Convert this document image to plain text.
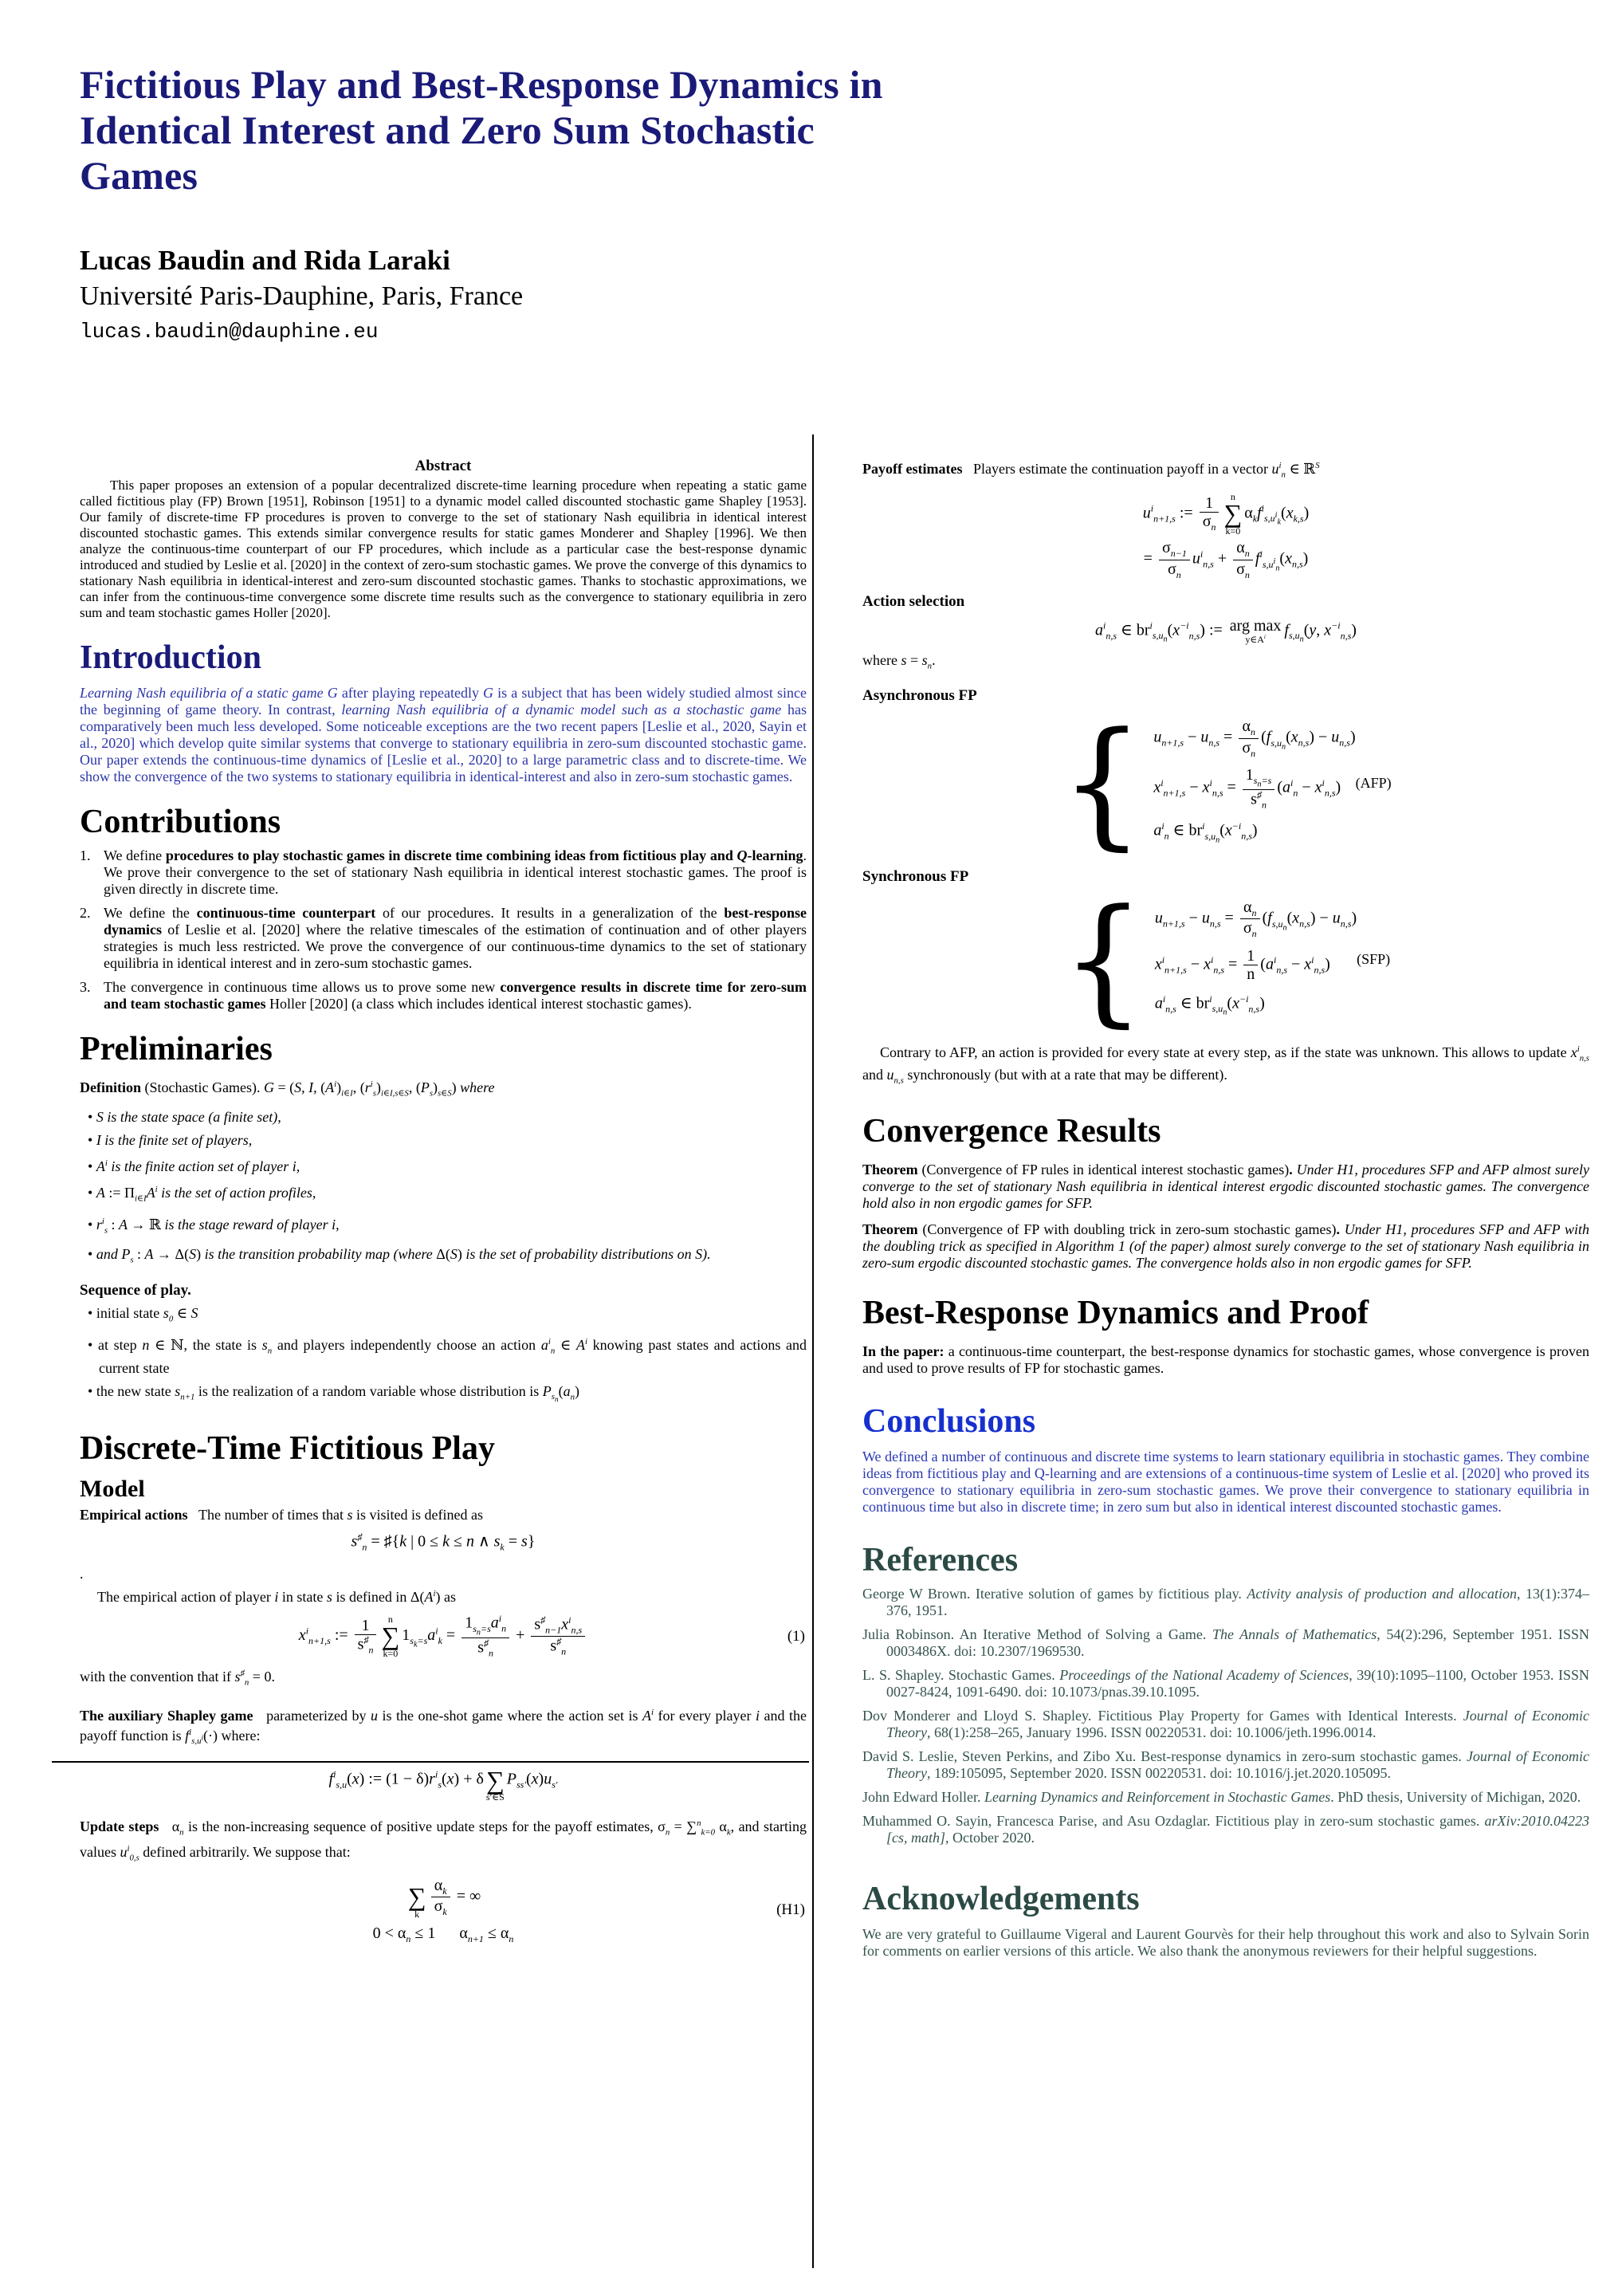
Fictitious Play and Best-Response Dynamics in
Identical Interest and Zero Sum Stochastic Games
Lucas Baudin and Rida Laraki
Université Paris-Dauphine, Paris, France
lucas.baudin@dauphine.eu
Abstract
This paper proposes an extension of a popular decentralized discrete-time learning procedure when repeating a static game called fictitious play (FP) Brown [1951], Robinson [1951] to a dynamic model called discounted stochastic game Shapley [1953]. Our family of discrete-time FP procedures is proven to converge to the set of stationary Nash equilibria in identical interest discounted stochastic games. This extends similar convergence results for static games Monderer and Shapley [1996]. We then analyze the continuous-time counterpart of our FP procedures, which include as a particular case the best-response dynamic introduced and studied by Leslie et al. [2020] in the context of zero-sum stochastic games. We prove the converge of this dynamics to stationary Nash equilibria in identical-interest and zero-sum discounted stochastic games. Thanks to stochastic approximations, we can infer from the continuous-time convergence some discrete time results such as the convergence to stationary equilibria in zero sum and team stochastic games Holler [2020].
Introduction
Learning Nash equilibria of a static game G after playing repeatedly G is a subject that has been widely studied almost since the beginning of game theory. In contrast, learning Nash equilibria of a dynamic model such as a stochastic game has comparatively been much less developed. Some noticeable exceptions are the two recent papers [Leslie et al., 2020, Sayin et al., 2020] which develop quite similar systems that converge to stationary equilibria in zero-sum discounted stochastic game. Our paper extends the continuous-time dynamics of [Leslie et al., 2020] to a large parametric class and to discrete-time. We show the convergence of the two systems to stationary equilibria in identical-interest and also in zero-sum stochastic games.
Contributions
1. We define procedures to play stochastic games in discrete time combining ideas from fictitious play and Q-learning. We prove their convergence to the set of stationary Nash equilibria in identical interest stochastic games. The proof is given directly in discrete time.
2. We define the continuous-time counterpart of our procedures. It results in a generalization of the best-response dynamics of Leslie et al. [2020] where the relative timescales of the estimation of continuation and of other players strategies is much less restricted. We prove the convergence of our continuous-time dynamics to the set of stationary equilibria in identical interest and in zero-sum stochastic games.
3. The convergence in continuous time allows us to prove some new convergence results in discrete time for zero-sum and team stochastic games Holler [2020] (a class which includes identical interest stochastic games).
Preliminaries
Definition (Stochastic Games). G = (S, I, $(A^i)_{i\in I}$, $(r^i_s)_{i\in I,s\in S}$, $(P_s)_{s\in S}$) where
• S is the state space (a finite set),
• I is the finite set of players,
• $A^i$ is the finite action set of player i,
• A := $\Pi_{i\in I}A^i$ is the set of action profiles,
• $r^i_s$ : A → ℝ is the stage reward of player i,
• and $P_s$ : A → Δ(S) is the transition probability map (where Δ(S) is the set of probability distributions on S).
Sequence of play.
• initial state $s_0$ ∈ S
• at step n ∈ ℕ, the state is $s_n$ and players independently choose an action $a^i_n$ ∈ $A^i$ knowing past states and actions and current state
• the new state $s_{n+1}$ is the realization of a random variable whose distribution is $P_{s_n}(a_n)$
Discrete-Time Fictitious Play
Model
Empirical actions   The number of times that s is visited is defined as
$s^♯_n$ = ♯{k | 0 ≤ k ≤ n ∧ $s_k = s$}
.
The empirical action of player i in state s is defined in $\Delta(A^i)$ as
$x^i_{n+1,s}$ := $\frac{1}{s^♯_n}$	n
∑
k=0
$1_{s_k=s}a^i_k = \frac{1_{s_n=s}a^i_n}{s^♯_n} + \frac{s^♯_{n-1}x^i_{n,s}}{s^♯_n}$	(1)
with the convention that if $s^♯_n = 0$.
The auxiliary Shapley game   parameterized by u is the one-shot game where the action set is $A^i$ for every player i and the payoff function is $f^i_{s,u^i}(\cdot)$ where:
$f^i_{s,u}(x)$ := $(1 - \delta)r^i_s(x) + \delta$
∑
s′∈S
$P_{ss'}(x)u_{s'}$
Update steps   $\alpha_n$ is the non-increasing sequence of positive update steps for the payoff estimates, $\sigma_n = \sum^n_{k=0}$ $\alpha_k$, and starting values $u^i_{0,s}$ defined arbitrarily. We suppose that:

∑
k $\frac{\alpha_k}{\sigma_k}$ = ∞
$0 < \alpha_n \le 1$      $\alpha_{n+1} \le \alpha_n$
(H1)
Payoff estimates   Players estimate the continuation payoff in a vector $u^i_n$ ∈ ℝ$^S$
$u^i_{n+1,s}$ := $\frac{1}{\sigma_n}$	n
∑
k=0
$\alpha_kf^i_{s,u^i_k}(x_{k,s})$
= $\frac{\sigma_{n-1}}{\sigma_n} u^i_{n,s} + \frac{\alpha_n}{\sigma_n} f^i_{s,u^i_n}(x_{n,s})$
Action selection
$a^i_{n,s}$ ∈ $br^i_{s,u_n}(x^{-i}_{n,s})$ := arg max
$y\in A^i$	$f_{s,u_n}(y$, $x^{-i}_{n,s}$)
where $s = s_n$.
Asynchronous FP
{ $u_{n+1,s} - u_{n,s} = \frac{\alpha_n}{\sigma_n} (f_{s,u_n}(x_{n,s}) - u_{n,s})$
$x^i_{n+1,s} - x^i_{n,s} = \frac{1_{s_n=s}}{s^♯_n} (a^i_n - x^i_{n,s})$
$a^i_n$ ∈ $br^i_{s,u_n}(x^{-i}_{n,s})$
(AFP)
Synchronous FP
{ $u_{n+1,s} - u_{n,s} = \frac{\alpha_n}{\sigma_n} (f_{s,u_n}(x_{n,s}) - u_{n,s})$
$x^i_{n+1,s} - x^i_{n,s} = \frac{1}{n} (a^i_{n,s} - x^i_{n,s})$
$a^i_{n,s}$ ∈ $br^i_{s,u_n}(x^{-i}_{n,s})$
(SFP)
Contrary to AFP, an action is provided for every state at every step, as if the state was unknown. This allows to update $x^i_{n,s}$ and $u_{n,s}$ synchronously (but with at a rate that may be different).
Convergence Results
Theorem (Convergence of FP rules in identical interest stochastic games). Under H1, procedures SFP and AFP almost surely converge to the set of stationary Nash equilibria in identical interest ergodic discounted stochastic games. The convergence hold also in non ergodic games for SFP.
Theorem (Convergence of FP with doubling trick in zero-sum stochastic games). Under H1, procedures SFP and AFP with the doubling trick as specified in Algorithm 1 (of the paper) almost surely converge to the set of stationary Nash equilibria in zero-sum ergodic discounted stochastic games. The convergence holds also in non ergodic games for SFP.
Best-Response Dynamics and Proof
In the paper: a continuous-time counterpart, the best-response dynamics for stochastic games, whose convergence is proven and used to prove results of FP for stochastic games.
Conclusions
We defined a number of continuous and discrete time systems to learn stationary equilibria in stochastic games. They combine ideas from fictitious play and Q-learning and are extensions of a continuous-time system of Leslie et al. [2020] who proved its convergence to stationary equilibria in zero-sum stochastic games. We prove their convergence to stationary equilibria in continuous time but also in discrete time; in zero sum but also in identical interest discounted stochastic games.
References
George W Brown. Iterative solution of games by fictitious play. Activity analysis of production and allocation, 13(1):374–376, 1951.
Julia Robinson. An Iterative Method of Solving a Game. The Annals of Mathematics, 54(2):296, September 1951. ISSN 0003486X. doi: 10.2307/1969530.
L. S. Shapley. Stochastic Games. Proceedings of the National Academy of Sciences, 39(10):1095–1100, October 1953. ISSN 0027-8424, 1091-6490. doi: 10.1073/pnas.39.10.1095.
Dov Monderer and Lloyd S. Shapley. Fictitious Play Property for Games with Identical Interests. Journal of Economic Theory, 68(1):258–265, January 1996. ISSN 00220531. doi: 10.1006/jeth.1996.0014.
David S. Leslie, Steven Perkins, and Zibo Xu. Best-response dynamics in zero-sum stochastic games. Journal of Economic Theory, 189:105095, September 2020. ISSN 00220531. doi: 10.1016/j.jet.2020.105095.
John Edward Holler. Learning Dynamics and Reinforcement in Stochastic Games. PhD thesis, University of Michigan, 2020.
Muhammed O. Sayin, Francesca Parise, and Asu Ozdaglar. Fictitious play in zero-sum stochastic games. arXiv:2010.04223 [cs, math], October 2020.
Acknowledgements
We are very grateful to Guillaume Vigeral and Laurent Gourvès for their help throughout this work and also to Sylvain Sorin for comments on earlier versions of this article. We also thank the anonymous reviewers for their helpful suggestions.
